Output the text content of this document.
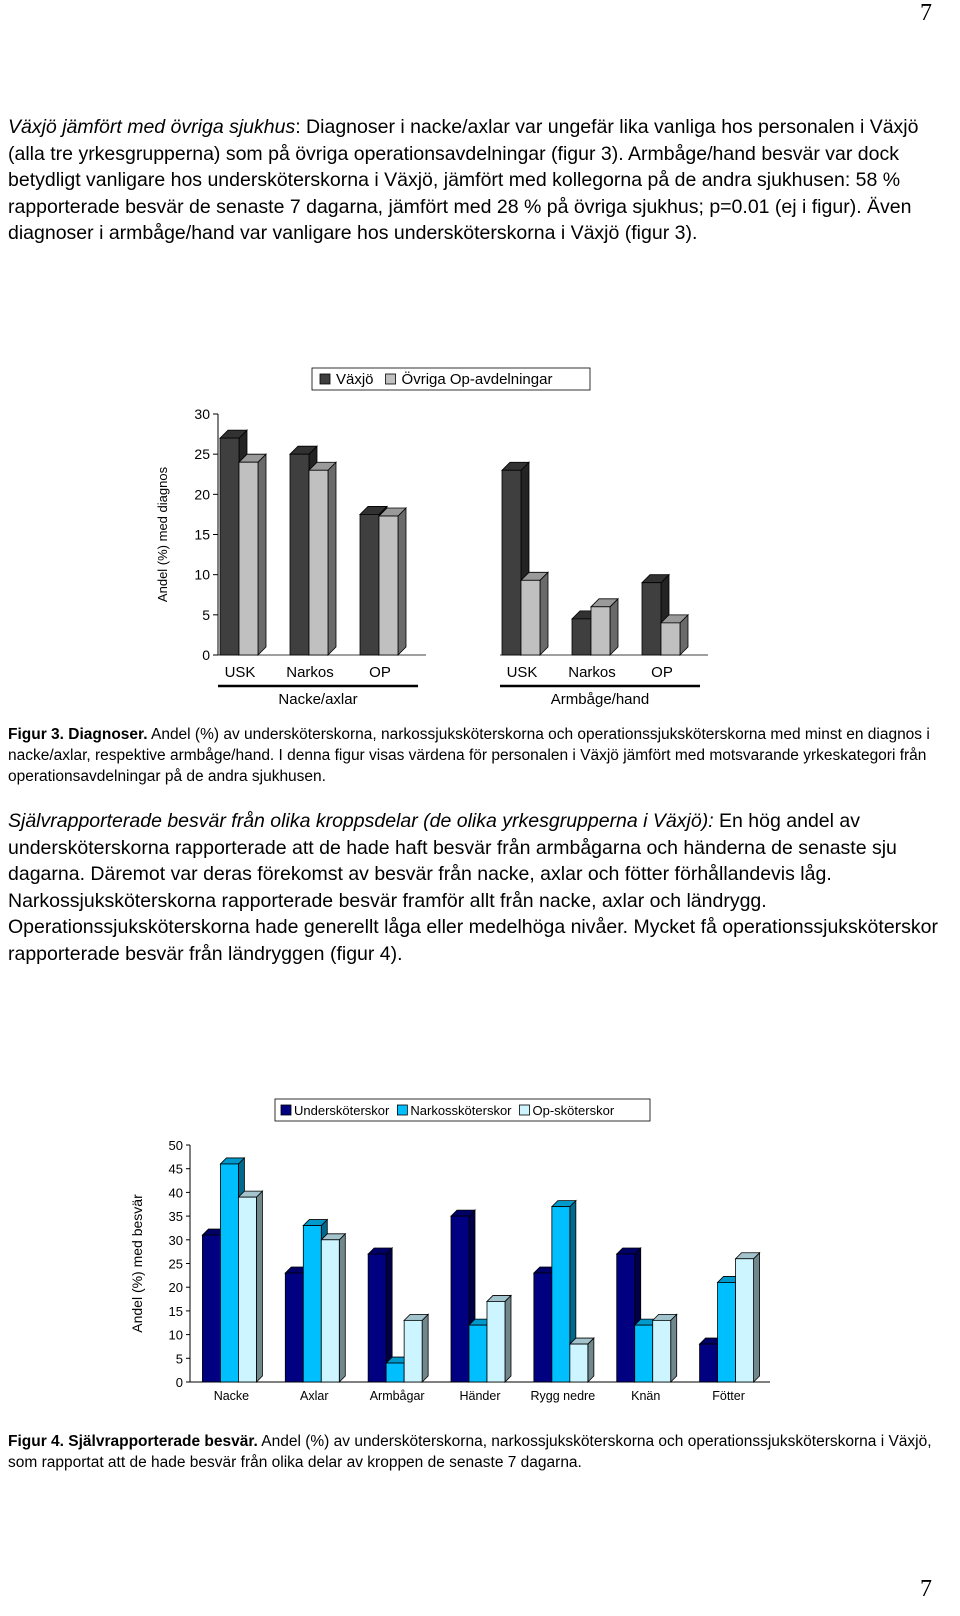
7
Växjö jämfört med övriga sjukhus: Diagnoser i nacke/axlar var ungefär lika vanliga hos personalen i Växjö (alla tre yrkesgrupperna) som på övriga operationsavdelningar (figur 3). Armbåge/hand besvär var dock betydligt vanligare hos undersköterskorna i Växjö, jämfört med kollegorna på de andra sjukhusen: 58 % rapporterade besvär de senaste 7 dagarna, jämfört med 28 % på övriga sjukhus; p=0.01 (ej i figur). Även diagnoser i armbåge/hand var vanligare hos undersköterskorna i Växjö (figur 3).
Växjö Övriga Op-avdelningar
0
5
10
15
20
25
30
Andel (%) med diagnos
Nacke/axlar
USK Narkos OP
Armbåge/hand
USK Narkos OP
Figur 3. Diagnoser. Andel (%) av undersköterskorna, narkossjuksköterskorna och operationssjuksköterskorna med minst en diagnos i nacke/axlar, respektive armbåge/hand. I denna figur visas värdena för personalen i Växjö jämfört med motsvarande yrkeskategori från operationsavdelningar på de andra sjukhusen.
Självrapporterade besvär från olika kroppsdelar (de olika yrkesgrupperna i Växjö): En hög andel av undersköterskorna rapporterade att de hade haft besvär från armbågarna och händerna de senaste sju dagarna. Däremot var deras förekomst av besvär från nacke, axlar och fötter förhållandevis låg. Narkossjuksköterskorna rapporterade besvär framför allt från nacke, axlar och ländrygg. Operationssjuksköterskorna hade generellt låga eller medelhöga nivåer. Mycket få operationssjuksköterskor rapporterade besvär från ländryggen (figur 4).
Undersköterskor Narkossköterskor Op-sköterskor
0
5
10
15
20
25
30
35
40
45
50
Andel (%) med besvär
Nacke	Axlar	Armbågar	Händer Rygg nedre	Knän	Fötter
Figur 4. Självrapporterade besvär. Andel (%) av undersköterskorna, narkossjuksköterskorna och operationssjuksköterskorna i Växjö, som rapportat att de hade besvär från olika delar av kroppen de senaste 7 dagarna.
7
